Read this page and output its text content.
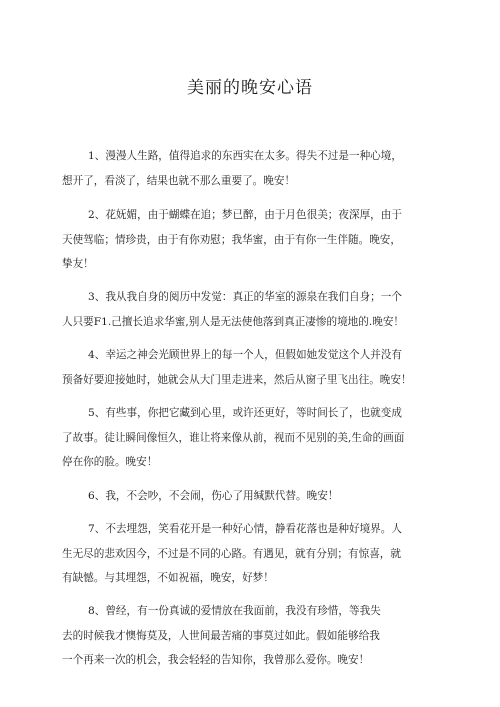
美丽的晚安心语
1、漫漫人生路，值得追求的东西实在太多。得失不过是一种心境，
想开了，看淡了，结果也就不那么重要了。晚安！
2、花妩媚，由于蝴蝶在追；梦已醉，由于月色很美；夜深厚，由于
天使驾临；情珍贵，由于有你劝慰；我华蜜，由于有你一生伴随。晚安，
挚友！
3、我从我自身的阅历中发觉：真正的华室的源泉在我们自身；一个
人只要F1.己擅长追求华蜜,别人是无法使他落到真正凄惨的境地的.晚安！
4、幸运之神会光顾世界上的每一个人，但假如她发觉这个人并没有
预备好要迎接她时，她就会从大门里走进来，然后从窗子里飞出往。晚安！
5、有些事，你把它藏到心里，或许还更好，等时间长了，也就变成
了故事。徒让瞬间像恒久，谁让将来像从前，视而不见别的美,生命的画面
停在你的脸。晚安！
6、我，不会吵，不会闹，伤心了用缄默代替。晚安！
7、不去埋怨，笑看花开是一种好心情，静看花落也是种好境界。人
生无尽的悲欢因今，不过是不同的心路。有遇见，就有分别；有惊喜，就
有缺憾。与其埋怨，不如祝福，晚安，好梦！
8、曾经，有一份真诚的爱情放在我面前，我没有珍惜，等我失
去的时候我才懊悔莫及，人世间最苦痛的事莫过如此。假如能够给我
一个再来一次的机会，我会轻轻的告知你，我曾那么爱你。晚安！
